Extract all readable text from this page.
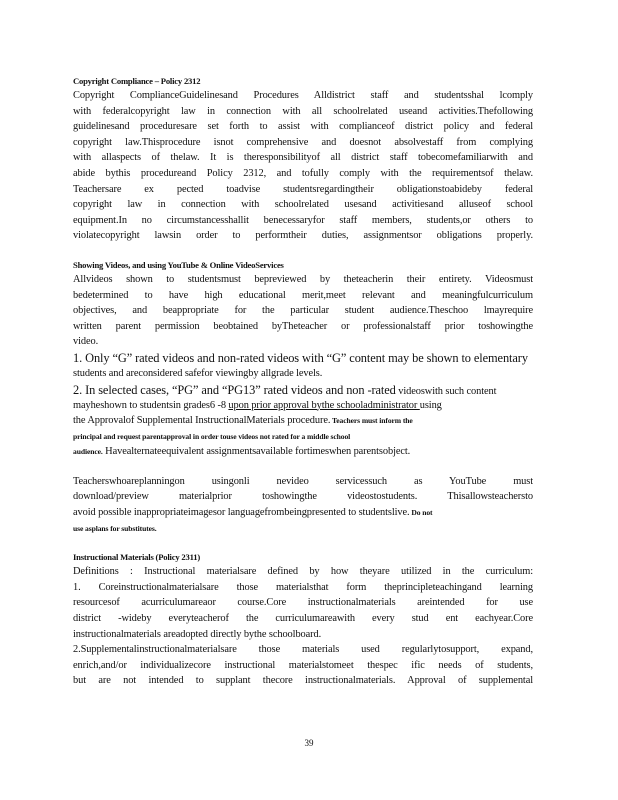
Copyright Compliance – Policy 2312
Copyright ComplianceGuidelinesand Procedures Alldistrict staff and studentsshal lcomply
with federalcopyright law in connection with all schoolrelated useand activities.Thefollowing
guidelinesand proceduresare set forth to assist with complianceof district policy and federal
copyright law.Thisprocedure isnot comprehensive and doesnot absolvestaff from complying
with allaspects of thelaw. It is theresponsibilityof all district staff tobecomefamiliarwith and
abide bythis procedureand Policy 2312, and tofully comply with the requirementsof thelaw.
Teachersare ex pected toadvise studentsregardingtheir obligationstoabideby federal
copyright law in connection with schoolrelated usesand activitiesand alluseof school
equipment.In no circumstancesshallit benecessaryfor staff members, students,or others to
violatecopyright lawsin order to performtheir duties, assignmentsor obligations properly.
Showing Videos, and using YouTube & Online VideoServices
Allvideos shown to studentsmust bepreviewed by theteacherin their entirety. Videosmust
bedetermined to have high educational merit,meet relevant and meaningfulcurriculum
objectives, and beappropriate for the particular student audience.Theschoo lmayrequire
written parent permission beobtained byTheteacher or professionalstaff prior toshowingthe
video.
1. Only “G” rated videos and non-rated videos with “G” content may be shown to elementary
students and areconsidered safefor viewingby allgrade levels.
2. In selected cases, “PG” and “PG13” rated videos and non -rated videoswith such content
mayheshown to studentsin grades6 -8 upon prior approval bythe schooladministrator using
the Approvalof Supplemental InstructionalMaterials procedure. Teachers must inform the
principal and request parentapproval in order touse videos not rated for a middle school
audience. Havealternateequivalent assignmentsavailable fortimeswhen parentsobject.
Teacherswhoareplanningon usingonli nevideo servicessuch as YouTube must
download/preview materialprior toshowingthe videostostudents. Thisallowsteachersto
avoid possible inappropriateimagesor languagefrombeingpresented to studentslive. Do not
use asplans for substitutes.
Instructional Materials (Policy 2311)
Definitions : Instructional materialsare defined by how theyare utilized in the curriculum:
1. Coreinstructionalmaterialsare those materialsthat form theprincipleteachingand learning
resourcesof acurriculumareaor course.Core instructionalmaterials areintended for use
district -wideby everyteacherof the curriculumareawith every stud ent eachyear.Core
instructionalmaterials areadopted directly bythe schoolboard.
2.Supplementalinstructionalmaterialsare those materials used regularlytosupport, expand,
enrich,and/or individualizecore instructional materialstomeet thespec ific needs of students,
but are not intended to supplant thecore instructionalmaterials. Approval of supplemental
39
